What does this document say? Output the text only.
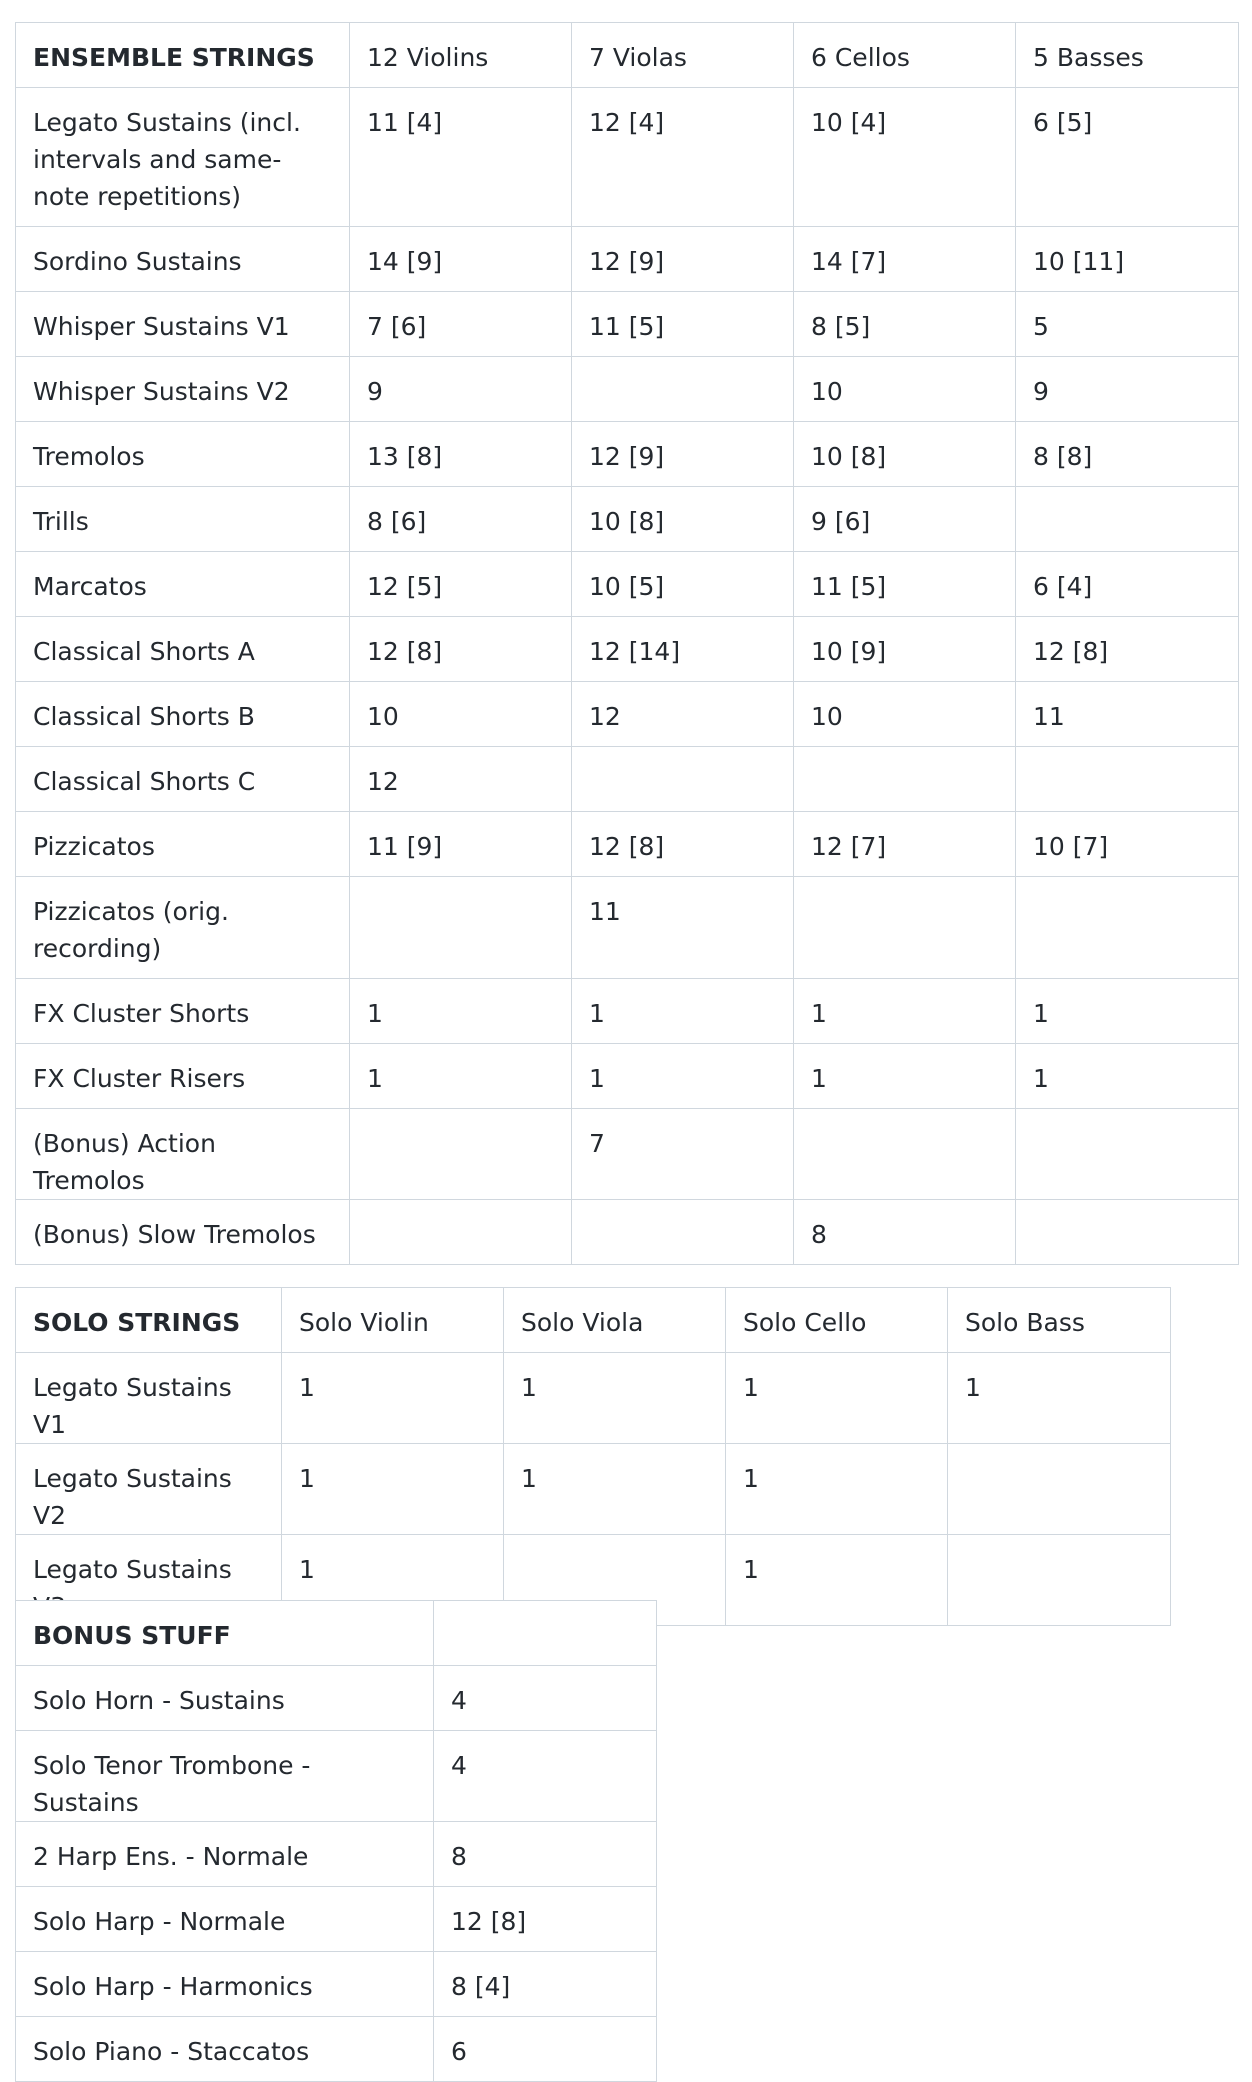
ENSEMBLE STRINGS	12 Violins	7 Violas	6 Cellos	5 Basses
Legato Sustains (incl. intervals and same-note repetitions)	11 [4]	12 [4]	10 [4]	6 [5]
Sordino Sustains	14 [9]	12 [9]	14 [7]	10 [11]
Whisper Sustains V1	7 [6]	11 [5]	8 [5]	5
Whisper Sustains V2	9		10	9
Tremolos	13 [8]	12 [9]	10 [8]	8 [8]
Trills	8 [6]	10 [8]	9 [6]	
Marcatos	12 [5]	10 [5]	11 [5]	6 [4]
Classical Shorts A	12 [8]	12 [14]	10 [9]	12 [8]
Classical Shorts B	10	12	10	11
Classical Shorts C	12			
Pizzicatos	11 [9]	12 [8]	12 [7]	10 [7]
Pizzicatos (orig. recording)		11		
FX Cluster Shorts	1	1	1	1
FX Cluster Risers	1	1	1	1
(Bonus) Action Tremolos		7		
(Bonus) Slow Tremolos			8	
SOLO STRINGS	Solo Violin	Solo Viola	Solo Cello	Solo Bass
Legato Sustains V1	1	1	1	1
Legato Sustains V2	1	1	1	
Legato Sustains	1		1	
BONUS STUFF	
Solo Horn - Sustains	4
Solo Tenor Trombone - Sustains	4
2 Harp Ens. - Normale	8
Solo Harp - Normale	12 [8]
Solo Harp - Harmonics	8 [4]
Solo Piano - Staccatos	6
